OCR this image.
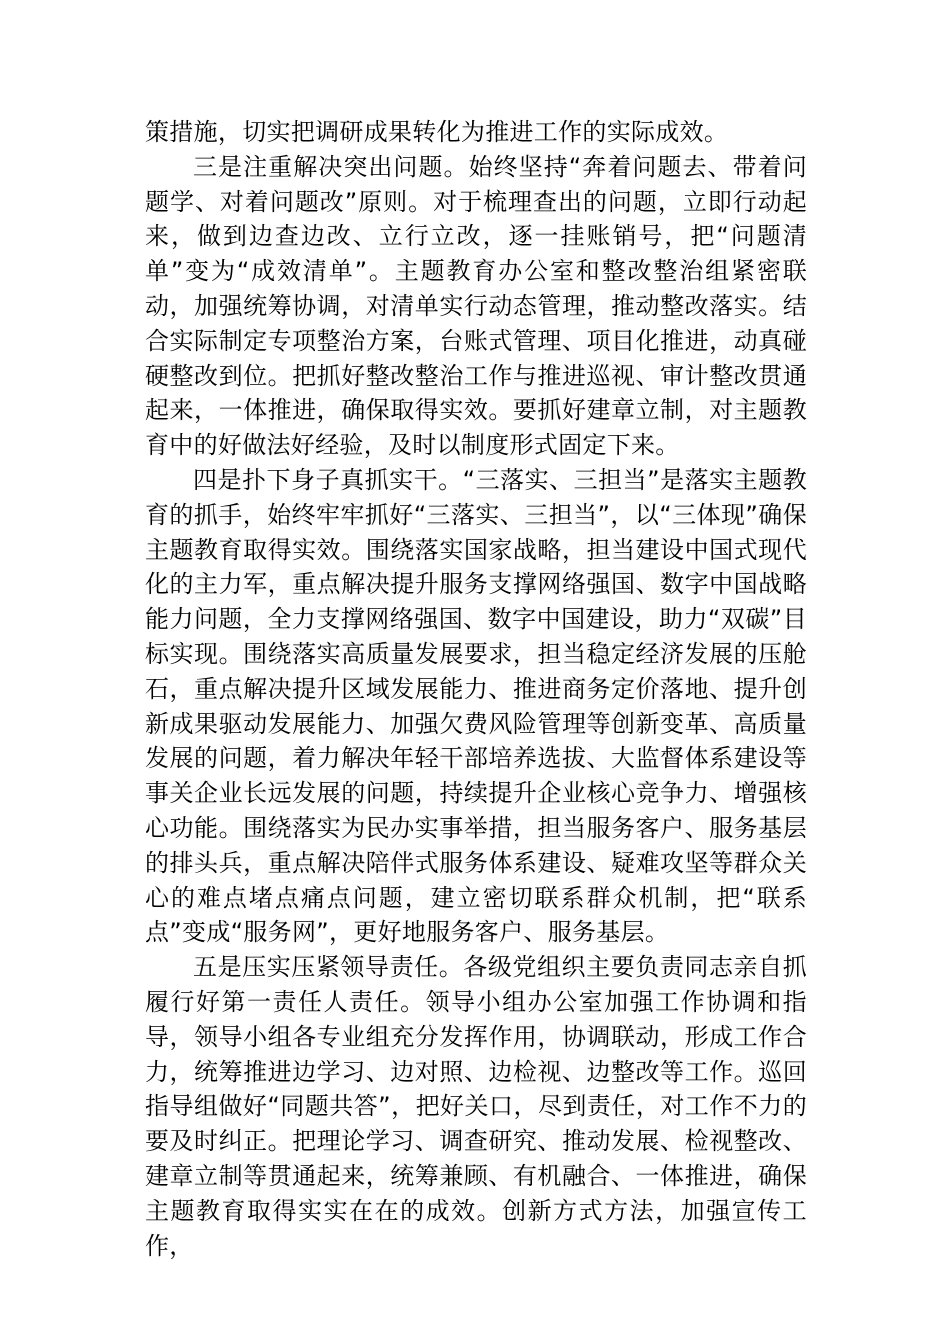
策措施，切实把调研成果转化为推进工作的实际成效。

三是注重解决突出问题。始终坚持“奔着问题去、带着问题学、对着问题改”原则。对于梳理查出的问题，立即行动起来，做到边查边改、立行立改，逐一挂账销号，把“问题清单”变为“成效清单”。主题教育办公室和整改整治组紧密联动，加强统筹协调，对清单实行动态管理，推动整改落实。结合实际制定专项整治方案，台账式管理、项目化推进，动真碰硬整改到位。把抓好整改整治工作与推进巡视、审计整改贯通起来，一体推进，确保取得实效。要抓好建章立制，对主题教育中的好做法好经验，及时以制度形式固定下来。

四是扑下身子真抓实干。“三落实、三担当”是落实主题教育的抓手，始终牢牢抓好“三落实、三担当”，以“三体现”确保主题教育取得实效。围绕落实国家战略，担当建设中国式现代化的主力军，重点解决提升服务支撑网络强国、数字中国战略能力问题，全力支撑网络强国、数字中国建设，助力“双碳”目标实现。围绕落实高质量发展要求，担当稳定经济发展的压舱石，重点解决提升区域发展能力、推进商务定价落地、提升创新成果驱动发展能力、加强欠费风险管理等创新变革、高质量发展的问题，着力解决年轻干部培养选拔、大监督体系建设等事关企业长远发展的问题，持续提升企业核心竞争力、增强核心功能。围绕落实为民办实事举措，担当服务客户、服务基层的排头兵，重点解决陪伴式服务体系建设、疑难攻坚等群众关心的难点堵点痛点问题，建立密切联系群众机制，把“联系点”变成“服务网”，更好地服务客户、服务基层。

五是压实压紧领导责任。各级党组织主要负责同志亲自抓履行好第一责任人责任。领导小组办公室加强工作协调和指导，领导小组各专业组充分发挥作用，协调联动，形成工作合力，统筹推进边学习、边对照、边检视、边整改等工作。巡回指导组做好“同题共答”，把好关口，尽到责任，对工作不力的要及时纠正。把理论学习、调查研究、推动发展、检视整改、建章立制等贯通起来，统筹兼顾、有机融合、一体推进，确保主题教育取得实实在在的成效。创新方式方法，加强宣传工作，
